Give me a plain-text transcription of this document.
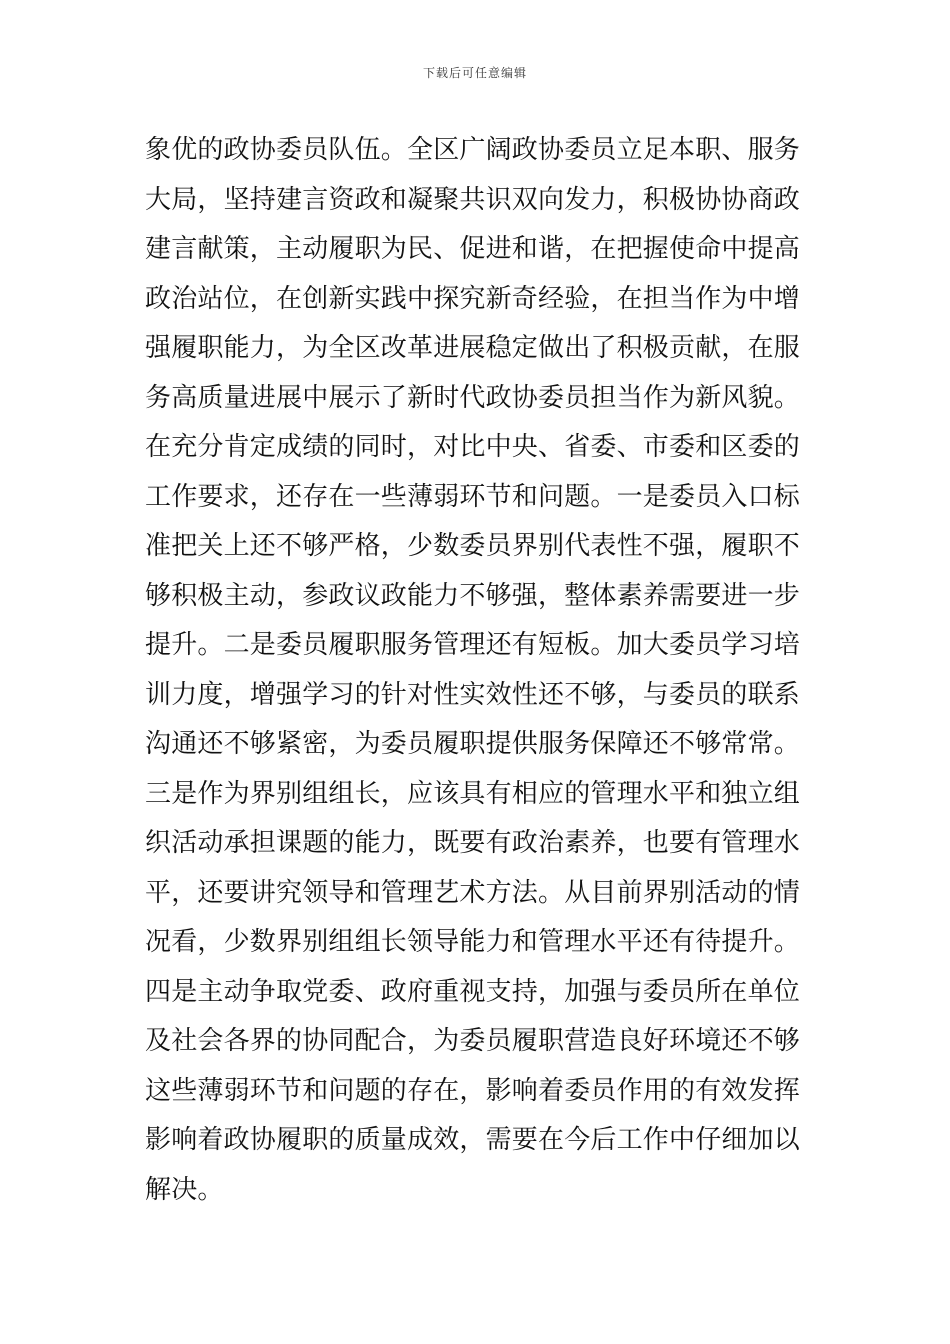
下载后可任意编辑
象优的政协委员队伍。全区广阔政协委员立足本职、服务
大局，坚持建言资政和凝聚共识双向发力，积极协协商政
建言献策，主动履职为民、促进和谐，在把握使命中提高
政治站位，在创新实践中探究新奇经验，在担当作为中增
强履职能力，为全区改革进展稳定做出了积极贡献，在服
务高质量进展中展示了新时代政协委员担当作为新风貌。
在充分肯定成绩的同时，对比中央、省委、市委和区委的
工作要求，还存在一些薄弱环节和问题。一是委员入口标
准把关上还不够严格，少数委员界别代表性不强，履职不
够积极主动，参政议政能力不够强，整体素养需要进一步
提升。二是委员履职服务管理还有短板。加大委员学习培
训力度，增强学习的针对性实效性还不够，与委员的联系
沟通还不够紧密，为委员履职提供服务保障还不够常常。
三是作为界别组组长，应该具有相应的管理水平和独立组
织活动承担课题的能力，既要有政治素养，也要有管理水
平，还要讲究领导和管理艺术方法。从目前界别活动的情
况看，少数界别组组长领导能力和管理水平还有待提升。
四是主动争取党委、政府重视支持，加强与委员所在单位
及社会各界的协同配合，为委员履职营造良好环境还不够
这些薄弱环节和问题的存在，影响着委员作用的有效发挥
影响着政协履职的质量成效，需要在今后工作中仔细加以
解决。
